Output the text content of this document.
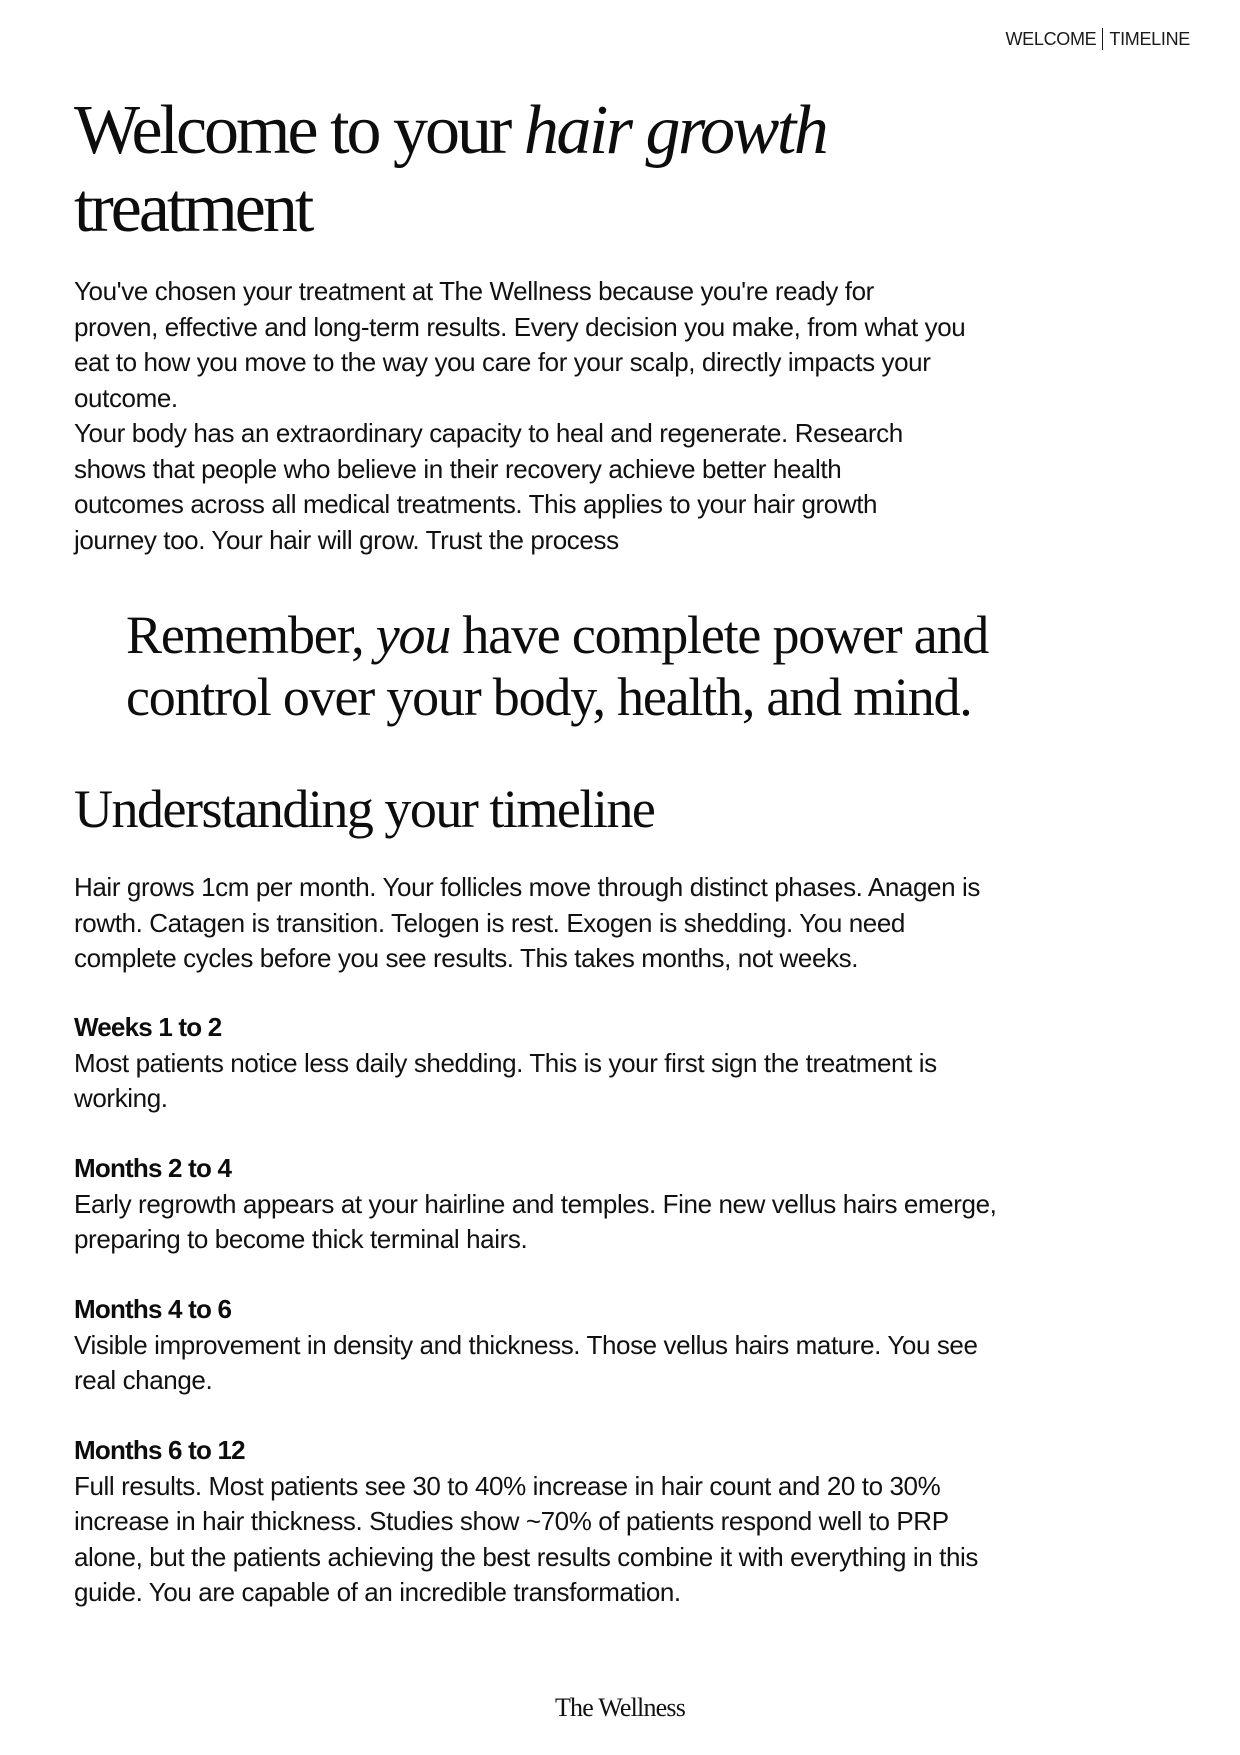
WELCOME TIMELINE
Welcome to your hair growth
treatment

You've chosen your treatment at The Wellness because you're ready for
proven, effective and long-term results. Every decision you make, from what you
eat to how you move to the way you care for your scalp, directly impacts your
outcome.
Your body has an extraordinary capacity to heal and regenerate. Research
shows that people who believe in their recovery achieve better health
outcomes across all medical treatments. This applies to your hair growth
journey too. Your hair will grow. Trust the process

Remember, you have complete power and
control over your body, health, and mind.
Understanding your timeline

Hair grows 1cm per month. Your follicles move through distinct phases. Anagen is
rowth. Catagen is transition. Telogen is rest. Exogen is shedding. You need
complete cycles before you see results. This takes months, not weeks.

Weeks 1 to 2

Most patients notice less daily shedding. This is your first sign the treatment is
working.

Months 2 to 4

Early regrowth appears at your hairline and temples. Fine new vellus hairs emerge,
preparing to become thick terminal hairs.

Months 4 to 6

Visible improvement in density and thickness. Those vellus hairs mature. You see
real change.

Months 6 to 12

Full results. Most patients see 30 to 40% increase in hair count and 20 to 30%
increase in hair thickness. Studies show ~70% of patients respond well to PRP
alone, but the patients achieving the best results combine it with everything in this
guide. You are capable of an incredible transformation.

The Wellness
